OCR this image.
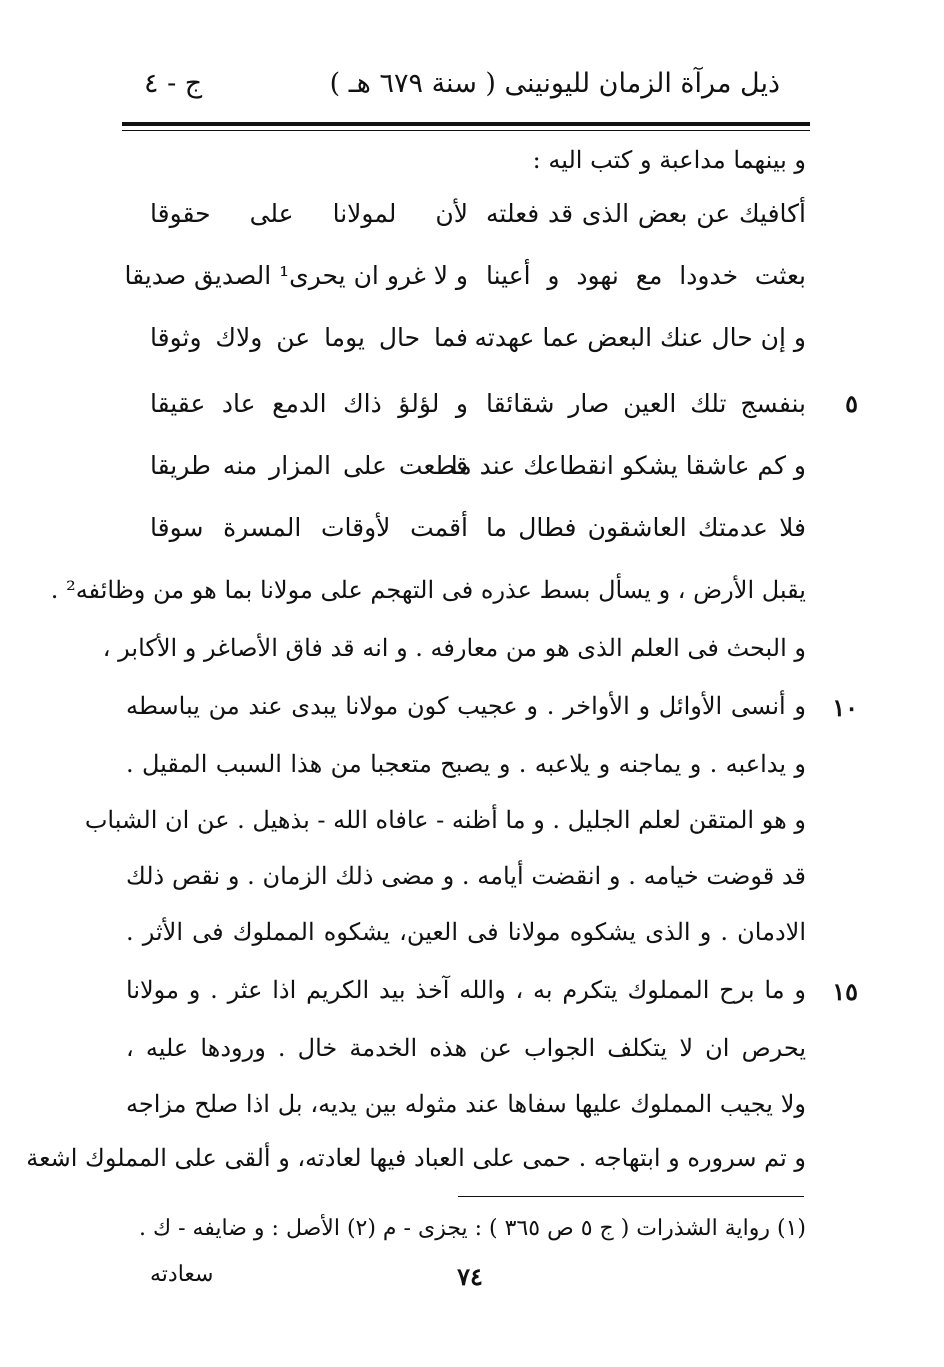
ذيل مرآة الزمان لليونينى ( سنة ٦٧٩ هـ )
ج - ٤
و بينهما مداعبة و كتب اليه :
أكافيك عن بعض الذى قد فعلته
لأن لمولانا على حقوقا
بعثت خدودا مع نهود و أعينا
و لا غرو ان يحرى¹ الصديق صديقا
و إن حال عنك البعض عما عهدته
فما حال يوما عن ولاك وثوقا
٥
بنفسج تلك العين صار شقائقا
و لؤلؤ ذاك الدمع عاد عقيقا
و كم عاشقا يشكو انقطاعك عند ما
قطعت على المزار منه طريقا
فلا عدمتك العاشقون فطال ما
أقمت لأوقات المسرة سوقا
يقبل الأرض ، و يسأل بسط عذره فى التهجم على مولانا بما هو من وظائفه² .
و البحث فى العلم الذى هو من معارفه . و انه قد فاق الأصاغر و الأكابر ،
١٠
و أنسى الأوائل و الأواخر . و عجيب كون مولانا يبدى عند من يباسطه
و يداعبه . و يماجنه و يلاعبه . و يصبح متعجبا من هذا السبب المقيل .
و هو المتقن لعلم الجليل . و ما أظنه - عافاه الله - بذهيل . عن ان الشباب
قد قوضت خيامه . و انقضت أيامه . و مضى ذلك الزمان . و نقص ذلك
الادمان . و الذى يشكوه مولانا فى العين، يشكوه المملوك فى الأثر .
١٥
و ما برح المملوك يتكرم به ، والله آخذ بيد الكريم اذا عثر . و مولانا
يحرص ان لا يتكلف الجواب عن هذه الخدمة خال . ورودها عليه ،
ولا يجيب المملوك عليها سفاها عند مثوله بين يديه، بل اذا صلح مزاجه
و تم سروره و ابتهاجه . حمى على العباد فيها لعادته، و ألقى على المملوك اشعة
(١) رواية الشذرات ( ج ٥ ص ٣٦٥ ) : يجزى - م (٢) الأصل : و ضايفه - ك .
٧٤
سعادته
